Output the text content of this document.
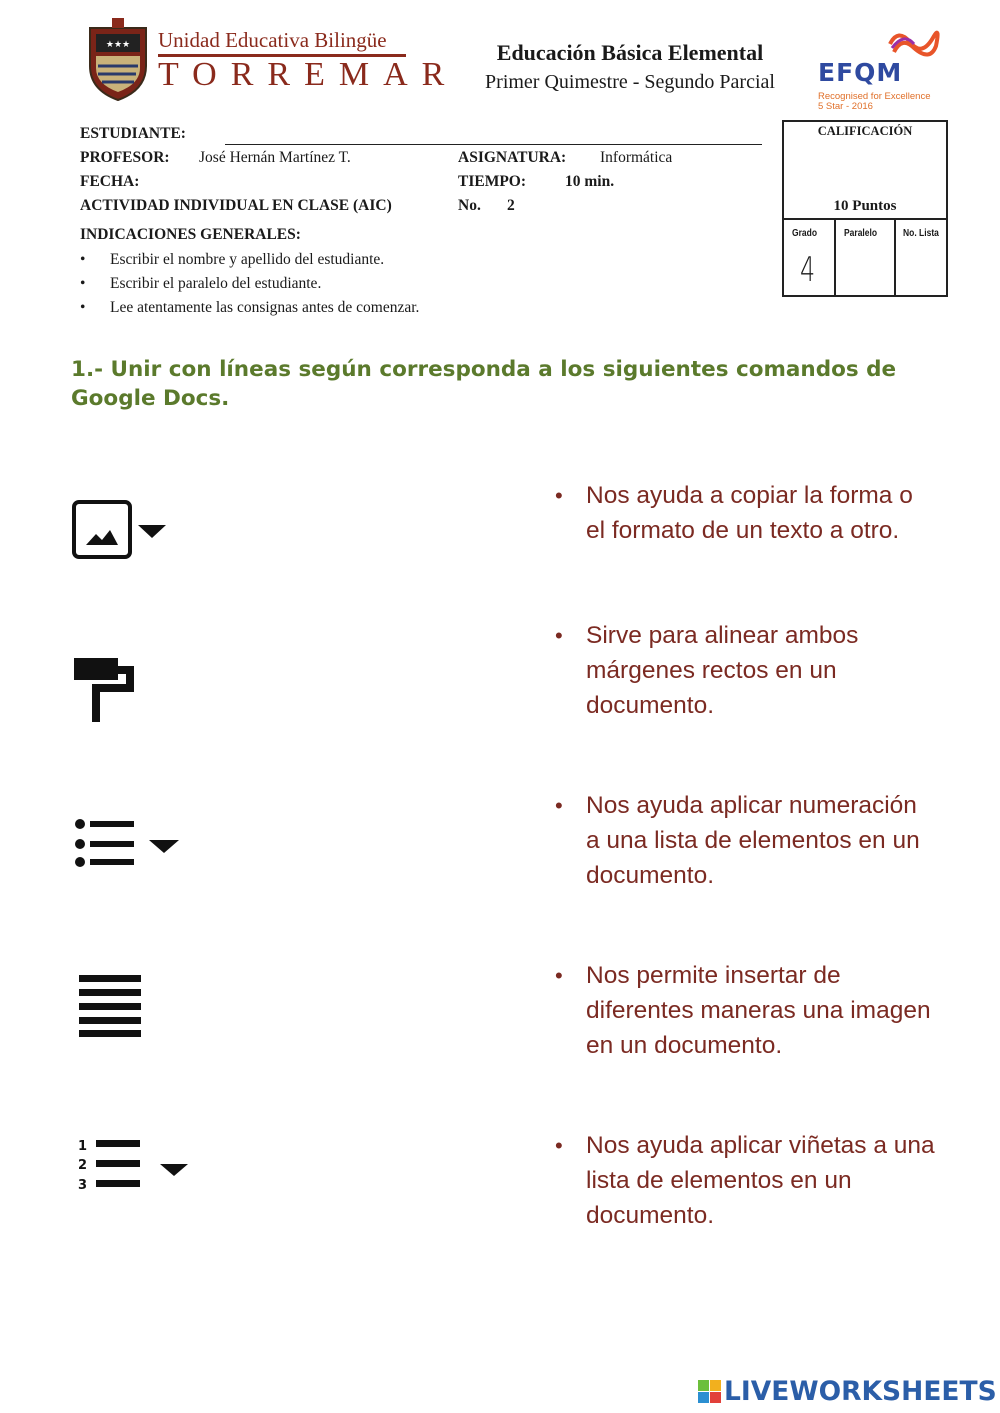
★★★ Unidad Educativa Bilingüe
TORREMAR
Educación Básica Elemental
Primer Quimestre - Segundo Parcial	EFQM
Recognised for Excellence
5 Star - 2016
ESTUDIANTE:
PROFESOR: José Hernán Martínez T.	ASIGNATURA: Informática
FECHA:	TIEMPO:	10 min.
ACTIVIDAD INDIVIDUAL EN CLASE (AIC)	No. 2
CALIFICACIÓN
10 Puntos
Grado	Paralelo	No. Lista
4
INDICACIONES GENERALES:
• Escribir el nombre y apellido del estudiante.
• Escribir el paralelo del estudiante.
• Lee atentamente las consignas antes de comenzar.
1.- Unir con líneas según corresponda a los siguientes comandos de Google Docs.
1
2
3
• Nos ayuda a copiar la forma o el formato de un texto a otro.
• Sirve para alinear ambos márgenes rectos en un documento.
• Nos ayuda aplicar numeración a una lista de elementos en un documento.
• Nos permite insertar de diferentes maneras una imagen en un documento.
• Nos ayuda aplicar viñetas a una lista de elementos en un documento.
LIVEWORKSHEETS
